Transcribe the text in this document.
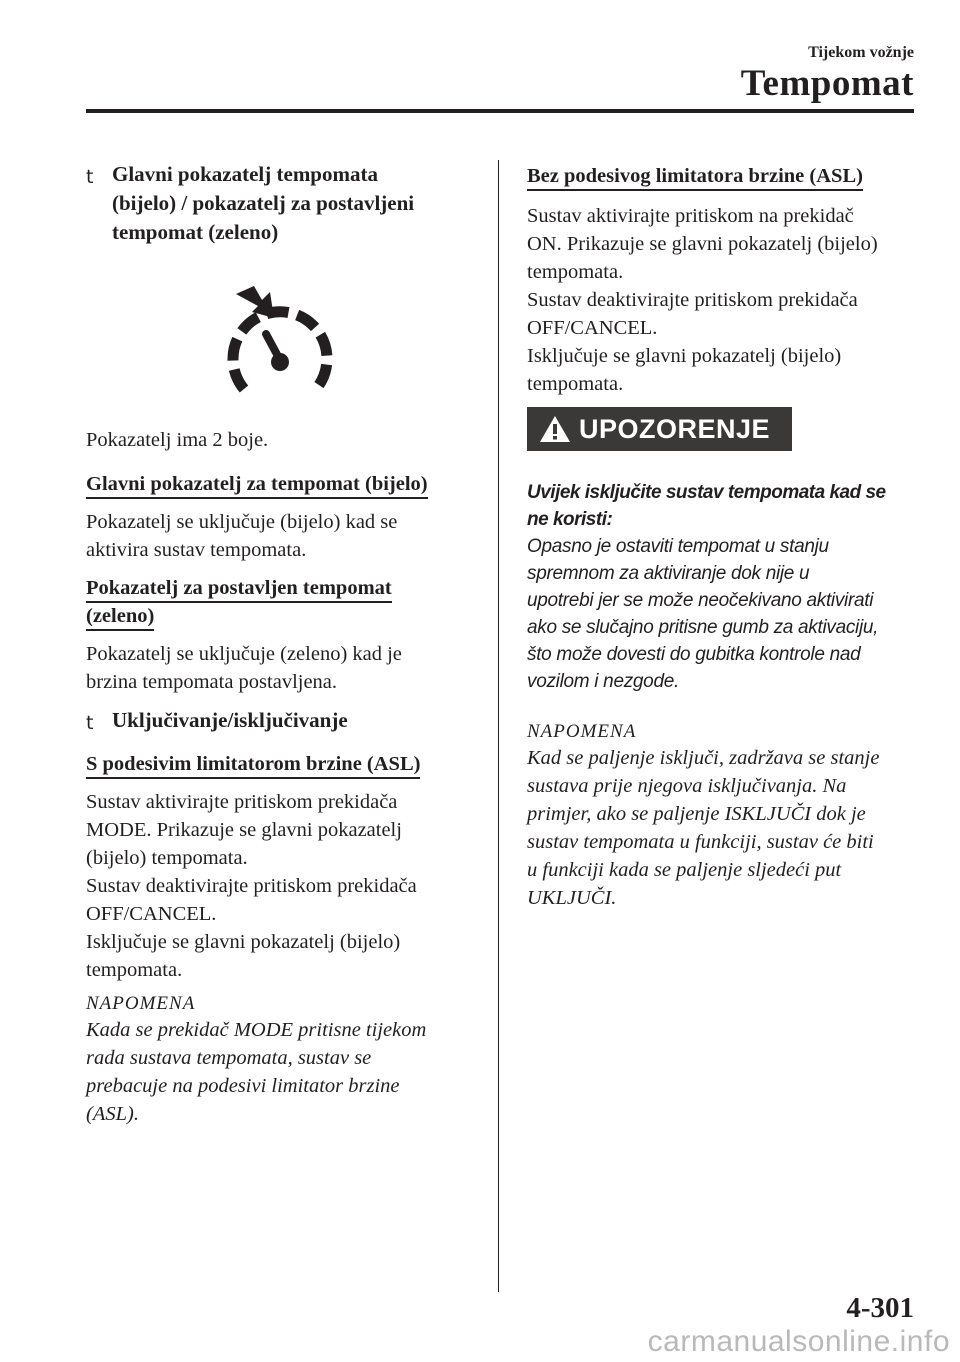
Tijekom vožnje
Tempomat
t Glavni pokazatelj tempomata
(bijelo) / pokazatelj za postavljeni
tempomat (zeleno)
Pokazatelj ima 2 boje.
Glavni pokazatelj za tempomat (bijelo)
Pokazatelj se uključuje (bijelo) kad se
aktivira sustav tempomata.
Pokazatelj za postavljen tempomat
(zeleno)
Pokazatelj se uključuje (zeleno) kad je
brzina tempomata postavljena.
t Uključivanje/isključivanje
S podesivim limitatorom brzine (ASL)
Sustav aktivirajte pritiskom prekidača
MODE. Prikazuje se glavni pokazatelj
(bijelo) tempomata.
Sustav deaktivirajte pritiskom prekidača
OFF/CANCEL.
Isključuje se glavni pokazatelj (bijelo)
tempomata.
NAPOMENA
Kada se prekidač MODE pritisne tijekom
rada sustava tempomata, sustav se
prebacuje na podesivi limitator brzine
(ASL).
Bez podesivog limitatora brzine (ASL)
Sustav aktivirajte pritiskom na prekidač
ON. Prikazuje se glavni pokazatelj (bijelo)
tempomata.
Sustav deaktivirajte pritiskom prekidača
OFF/CANCEL.
Isključuje se glavni pokazatelj (bijelo)
tempomata.
UPOZORENJE
Uvijek isključite sustav tempomata kad se
ne koristi:
Opasno je ostaviti tempomat u stanju
spremnom za aktiviranje dok nije u
upotrebi jer se može neočekivano aktivirati
ako se slučajno pritisne gumb za aktivaciju,
što može dovesti do gubitka kontrole nad
vozilom i nezgode.
NAPOMENA
Kad se paljenje isključi, zadržava se stanje
sustava prije njegova isključivanja. Na
primjer, ako se paljenje ISKLJUČI dok je
sustav tempomata u funkciji, sustav će biti
u funkciji kada se paljenje sljedeći put
UKLJUČI.
4-301
carmanualsonline.info
